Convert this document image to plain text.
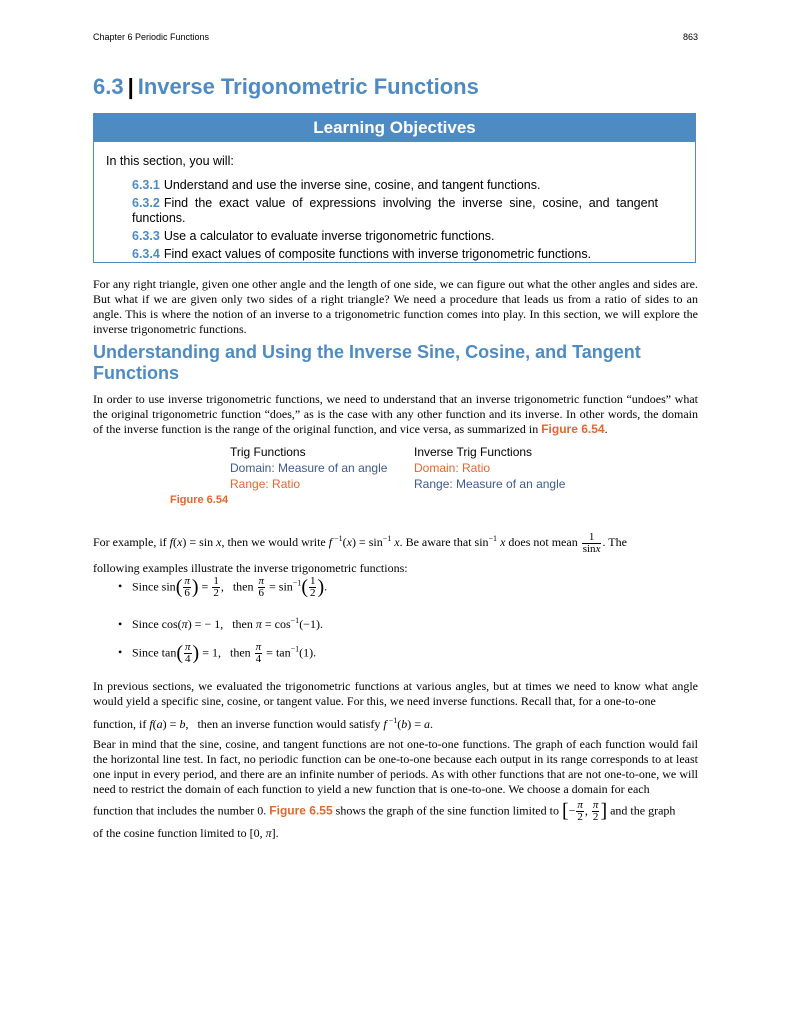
Chapter 6 Periodic Functions	863
6.3 | Inverse Trigonometric Functions
Learning Objectives
In this section, you will:
6.3.1 Understand and use the inverse sine, cosine, and tangent functions.
6.3.2 Find the exact value of expressions involving the inverse sine, cosine, and tangent functions.
6.3.3 Use a calculator to evaluate inverse trigonometric functions.
6.3.4 Find exact values of composite functions with inverse trigonometric functions.
For any right triangle, given one other angle and the length of one side, we can figure out what the other angles and sides are. But what if we are given only two sides of a right triangle? We need a procedure that leads us from a ratio of sides to an angle. This is where the notion of an inverse to a trigonometric function comes into play. In this section, we will explore the inverse trigonometric functions.
Understanding and Using the Inverse Sine, Cosine, and Tangent Functions
In order to use inverse trigonometric functions, we need to understand that an inverse trigonometric function “undoes” what the original trigonometric function “does,” as is the case with any other function and its inverse. In other words, the domain of the inverse function is the range of the original function, and vice versa, as summarized in Figure 6.54.
Trig Functions	Inverse Trig Functions
Domain: Measure of an angle	Domain: Ratio
Range: Ratio	Range: Measure of an angle
Figure 6.54
For example, if f(x) = sin x, then we would write f $^{-1}(x) = \sin^{-1} x$. Be aware that $\sin^{-1} x$ does not mean $\frac{1}{\sin x}$ . The
following examples illustrate the inverse trigonometric functions:
• Since $\sin( \frac{\pi}{6}$ ) = $\frac{1}{2}$ ,   then $\frac{\pi}{6} = \sin^{-1}( \frac{1}{2}$ ).
• Since cos(π) = − 1,   then $\pi = \cos^{-1}(-1)$.
• Since $\tan( \frac{\pi}{4}$ ) = 1,   then $\frac{\pi}{4} = \tan^{-1}(1)$.
In previous sections, we evaluated the trigonometric functions at various angles, but at times we need to know what angle would yield a specific sine, cosine, or tangent value. For this, we need inverse functions. Recall that, for a one-to-one
function, if f(a) = b,   then an inverse function would satisfy f $^{-1}$(b) = a.
Bear in mind that the sine, cosine, and tangent functions are not one-to-one functions. The graph of each function would fail the horizontal line test. In fact, no periodic function can be one-to-one because each output in its range corresponds to at least one input in every period, and there are an infinite number of periods. As with other functions that are not one-to-one, we will need to restrict the domain of each function to yield a new function that is one-to-one. We choose a domain for each
function that includes the number 0. Figure 6.55 shows the graph of the sine function limited to [− $\frac{\pi}{2}$ , $\frac{\pi}{2}$ ] and the graph
of the cosine function limited to [0, π].
